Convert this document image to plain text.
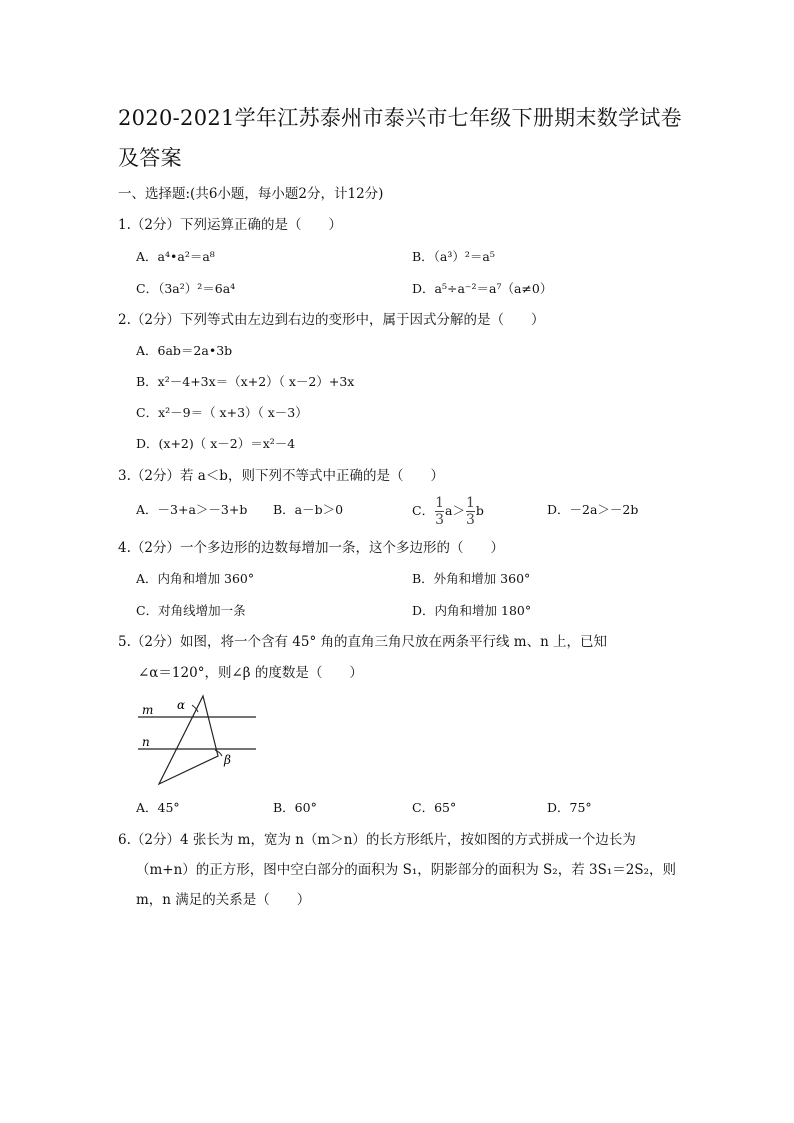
2020-2021学年江苏泰州市泰兴市七年级下册期末数学试卷
及答案
一、选择题:(共6小题，每小题2分，计12分)
1.（2分）下列运算正确的是（　　）
A．a⁴•a²＝a⁸	B．（a³）²＝a⁵
C．（3a²）²＝6a⁴	D．a⁵÷a⁻²＝a⁷（a≠0）
2.（2分）下列等式由左边到右边的变形中，属于因式分解的是（　　）
A．6ab＝2a•3b
B．x²－4+3x＝（x+2）（ x－2）+3x
C．x²－9＝（ x+3）（ x－3）
D．(x+2)（ x－2）＝x²－4
3.（2分）若 a＜b，则下列不等式中正确的是（　　）
A．－3+a＞－3+b B．a－b＞0	C． $\frac{1}{3} a> \frac{1}{3}$ b	D．－2a＞－2b
4.（2分）一个多边形的边数每增加一条，这个多边形的（　　）
A．内角和增加 360°	B．外角和增加 360°
C．对角线增加一条	D．内角和增加 180°
5.（2分）如图，将一个含有 45° 角的直角三角尺放在两条平行线 m、n 上，已知
∠α＝120°，则∠β 的度数是（　　）
m
n
α
β
A．45°	B．60°	C．65°	D．75°
6.（2分）4 张长为 m，宽为 n（m＞n）的长方形纸片，按如图的方式拼成一个边长为
（m+n）的正方形，图中空白部分的面积为 S₁，阴影部分的面积为 S₂，若 3S₁＝2S₂，则
m，n 满足的关系是（　　）
